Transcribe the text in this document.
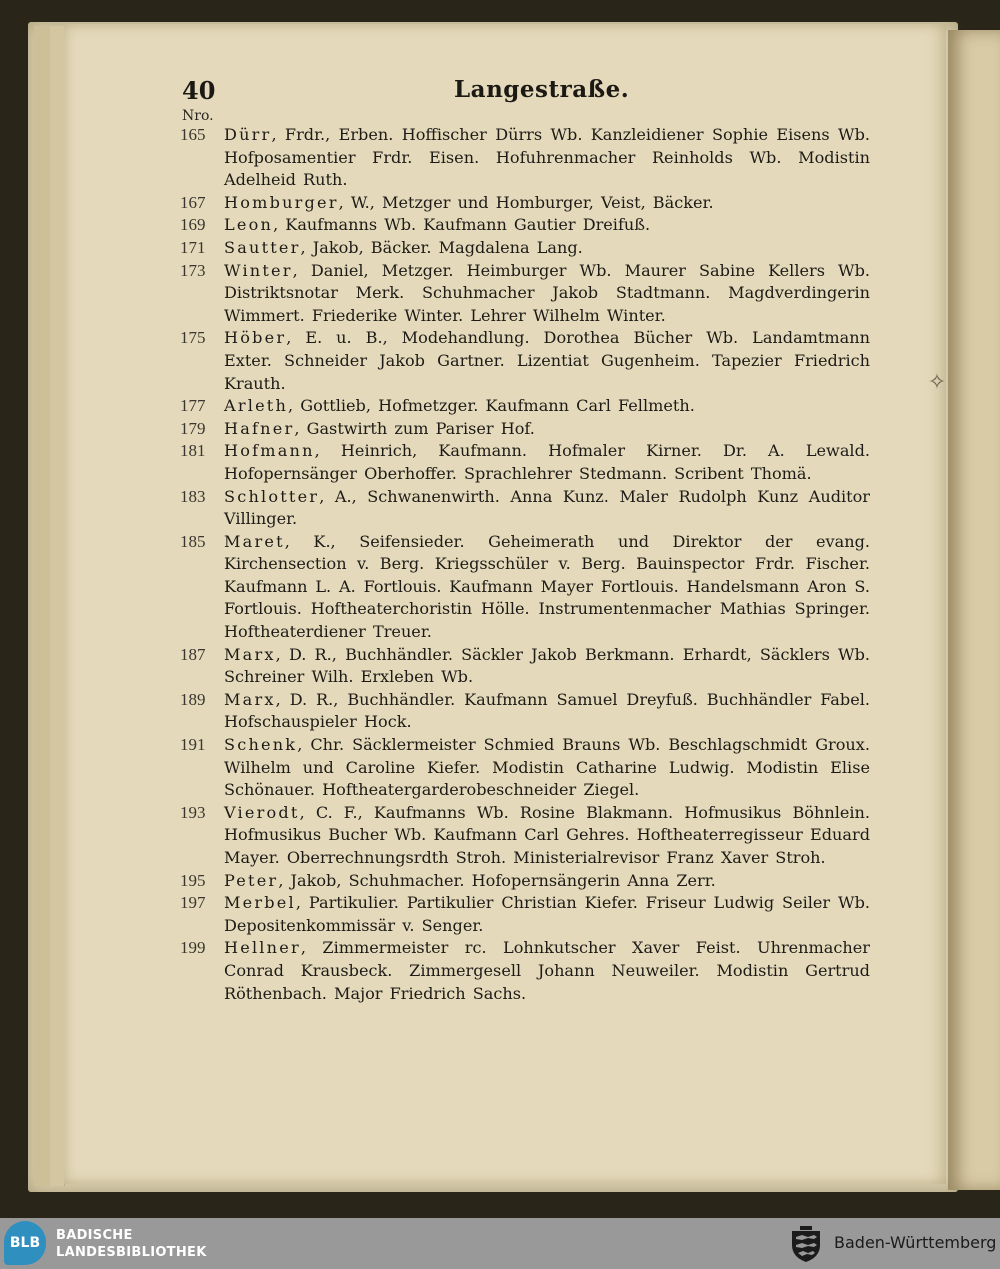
✧
40	Langestraße.
Nro.
165	Dürr, Frdr., Erben. Hoffischer Dürrs Wb. Kanzleidiener Sophie Eisens Wb. Hofposamentier Frdr. Eisen. Hofuhrenmacher Reinholds Wb. Modistin Adelheid Ruth.
167	Homburger, W., Metzger und Homburger, Veist, Bäcker.
169	Leon, Kaufmanns Wb. Kaufmann Gautier Dreifuß.
171	Sautter, Jakob, Bäcker. Magdalena Lang.
173	Winter, Daniel, Metzger. Heimburger Wb. Maurer Sabine Kellers Wb. Distriktsnotar Merk. Schuhmacher Jakob Stadtmann. Magdverdingerin Wimmert. Friederike Winter. Lehrer Wilhelm Winter.
175	Höber, E. u. B., Modehandlung. Dorothea Bücher Wb. Landamtmann Exter. Schneider Jakob Gartner. Lizentiat Gugenheim. Tapezier Friedrich Krauth.
177	Arleth, Gottlieb, Hofmetzger. Kaufmann Carl Fellmeth.
179	Hafner, Gastwirth zum Pariser Hof.
181	Hofmann, Heinrich, Kaufmann. Hofmaler Kirner. Dr. A. Lewald. Hofopernsänger Oberhoffer. Sprachlehrer Stedmann. Scribent Thomä.
183	Schlotter, A., Schwanenwirth. Anna Kunz. Maler Rudolph Kunz Auditor Villinger.
185	Maret, K., Seifensieder. Geheimerath und Direktor der evang. Kirchensection v. Berg. Kriegsschüler v. Berg. Bauinspector Frdr. Fischer. Kaufmann L. A. Fortlouis. Kaufmann Mayer Fortlouis. Handelsmann Aron S. Fortlouis. Hoftheaterchoristin Hölle. Instrumentenmacher Mathias Springer. Hoftheaterdiener Treuer.
187	Marx, D. R., Buchhändler. Säckler Jakob Berkmann. Erhardt, Säcklers Wb. Schreiner Wilh. Erxleben Wb.
189	Marx, D. R., Buchhändler. Kaufmann Samuel Dreyfuß. Buchhändler Fabel. Hofschauspieler Hock.
191	Schenk, Chr. Säcklermeister Schmied Brauns Wb. Beschlagschmidt Groux. Wilhelm und Caroline Kiefer. Modistin Catharine Ludwig. Modistin Elise Schönauer. Hoftheatergarderobeschneider Ziegel.
193	Vierodt, C. F., Kaufmanns Wb. Rosine Blakmann. Hofmusikus Böhnlein. Hofmusikus Bucher Wb. Kaufmann Carl Gehres. Hoftheaterregisseur Eduard Mayer. Oberrechnungsrdth Stroh. Ministerialrevisor Franz Xaver Stroh.
195	Peter, Jakob, Schuhmacher. Hofopernsängerin Anna Zerr.
197	Merbel, Partikulier. Partikulier Christian Kiefer. Friseur Ludwig Seiler Wb. Depositenkommissär v. Senger.
199	Hellner, Zimmermeister rc. Lohnkutscher Xaver Feist. Uhrenmacher Conrad Krausbeck. Zimmergesell Johann Neuweiler. Modistin Gertrud Röthenbach. Major Friedrich Sachs.
BLB	BADISCHE
LANDESBIBLIOTHEK
Baden-Württemberg
